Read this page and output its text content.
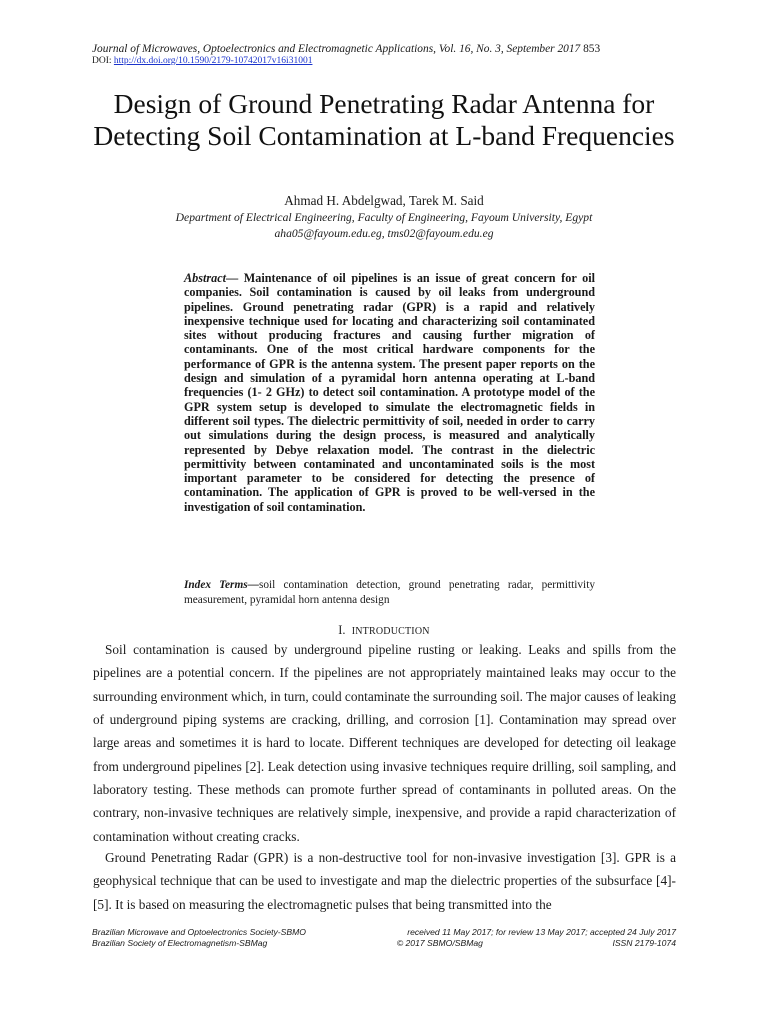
Journal of Microwaves, Optoelectronics and Electromagnetic Applications, Vol. 16, No. 3, September 2017 853
DOI: http://dx.doi.org/10.1590/2179-10742017v16i31001
Design of Ground Penetrating Radar Antenna for Detecting Soil Contamination at L-band Frequencies
Ahmad H. Abdelgwad, Tarek M. Said
Department of Electrical Engineering, Faculty of Engineering, Fayoum University, Egypt
aha05@fayoum.edu.eg, tms02@fayoum.edu.eg
Abstract— Maintenance of oil pipelines is an issue of great concern for oil companies. Soil contamination is caused by oil leaks from underground pipelines. Ground penetrating radar (GPR) is a rapid and relatively inexpensive technique used for locating and characterizing soil contaminated sites without producing fractures and causing further migration of contaminants. One of the most critical hardware components for the performance of GPR is the antenna system. The present paper reports on the design and simulation of a pyramidal horn antenna operating at L-band frequencies (1- 2 GHz) to detect soil contamination. A prototype model of the GPR system setup is developed to simulate the electromagnetic fields in different soil types. The dielectric permittivity of soil, needed in order to carry out simulations during the design process, is measured and analytically represented by Debye relaxation model. The contrast in the dielectric permittivity between contaminated and uncontaminated soils is the most important parameter to be considered for detecting the presence of contamination. The application of GPR is proved to be well-versed in the investigation of soil contamination.
Index Terms—soil contamination detection, ground penetrating radar, permittivity measurement, pyramidal horn antenna design
I. INTRODUCTION

Soil contamination is caused by underground pipeline rusting or leaking. Leaks and spills from the pipelines are a potential concern. If the pipelines are not appropriately maintained leaks may occur to the surrounding environment which, in turn, could contaminate the surrounding soil. The major causes of leaking of underground piping systems are cracking, drilling, and corrosion [1]. Contamination may spread over large areas and sometimes it is hard to locate. Different techniques are developed for detecting oil leakage from underground pipelines [2]. Leak detection using invasive techniques require drilling, soil sampling, and laboratory testing. These methods can promote further spread of contaminants in polluted areas. On the contrary, non-invasive techniques are relatively simple, inexpensive, and provide a rapid characterization of contamination without creating cracks.

Ground Penetrating Radar (GPR) is a non-destructive tool for non-invasive investigation [3]. GPR is a geophysical technique that can be used to investigate and map the dielectric properties of the subsurface [4]-[5]. It is based on measuring the electromagnetic pulses that being transmitted into the

Brazilian Microwave and Optoelectronics Society-SBMO	received 11 May 2017; for review 13 May 2017; accepted 24 July 2017
Brazilian Society of Electromagnetism-SBMag	© 2017 SBMO/SBMag	ISSN 2179-1074
